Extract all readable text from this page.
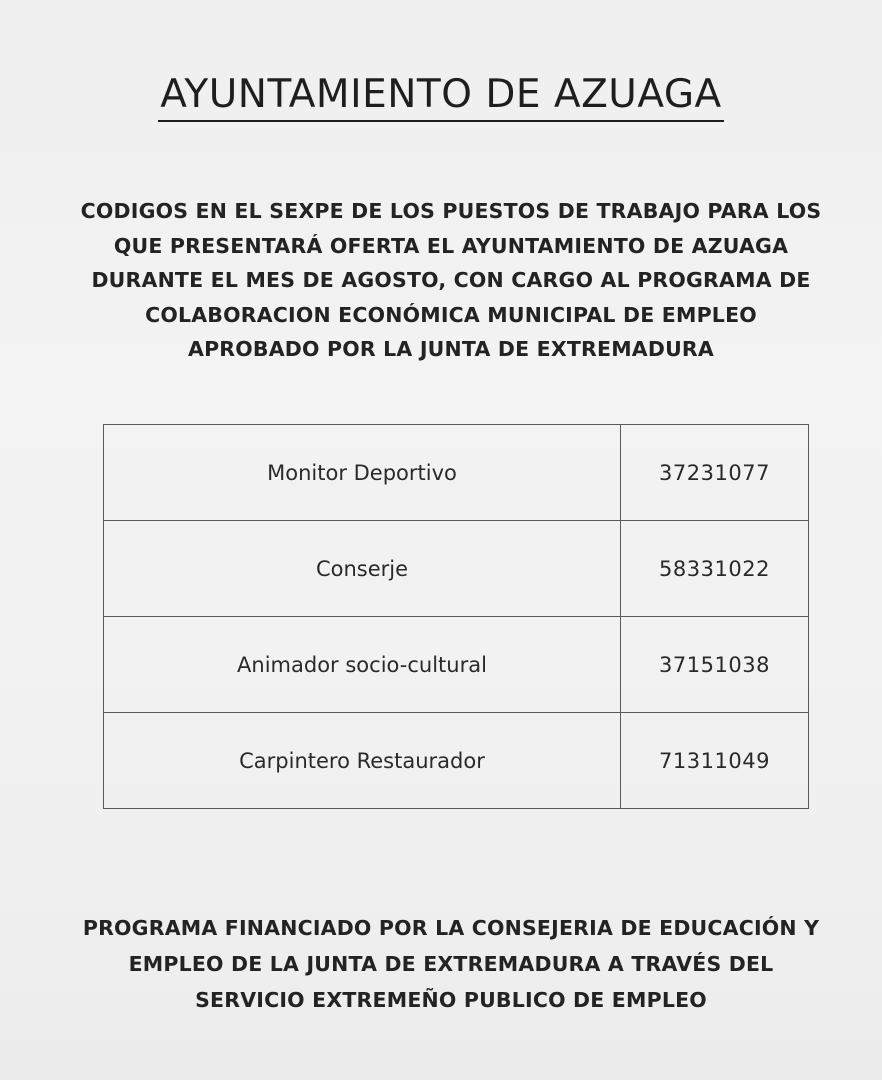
AYUNTAMIENTO DE AZUAGA
CODIGOS EN EL SEXPE DE LOS PUESTOS DE TRABAJO PARA LOS
QUE PRESENTARÁ OFERTA EL AYUNTAMIENTO DE AZUAGA
DURANTE EL MES DE AGOSTO, CON CARGO AL PROGRAMA DE
COLABORACION ECONÓMICA MUNICIPAL DE EMPLEO
APROBADO POR LA JUNTA DE EXTREMADURA
Monitor Deportivo	37231077
Conserje	58331022
Animador socio-cultural	37151038
Carpintero Restaurador	71311049
PROGRAMA FINANCIADO POR LA CONSEJERIA DE EDUCACIÓN Y
EMPLEO DE LA JUNTA DE EXTREMADURA A TRAVÉS DEL
SERVICIO EXTREMEÑO PUBLICO DE EMPLEO
